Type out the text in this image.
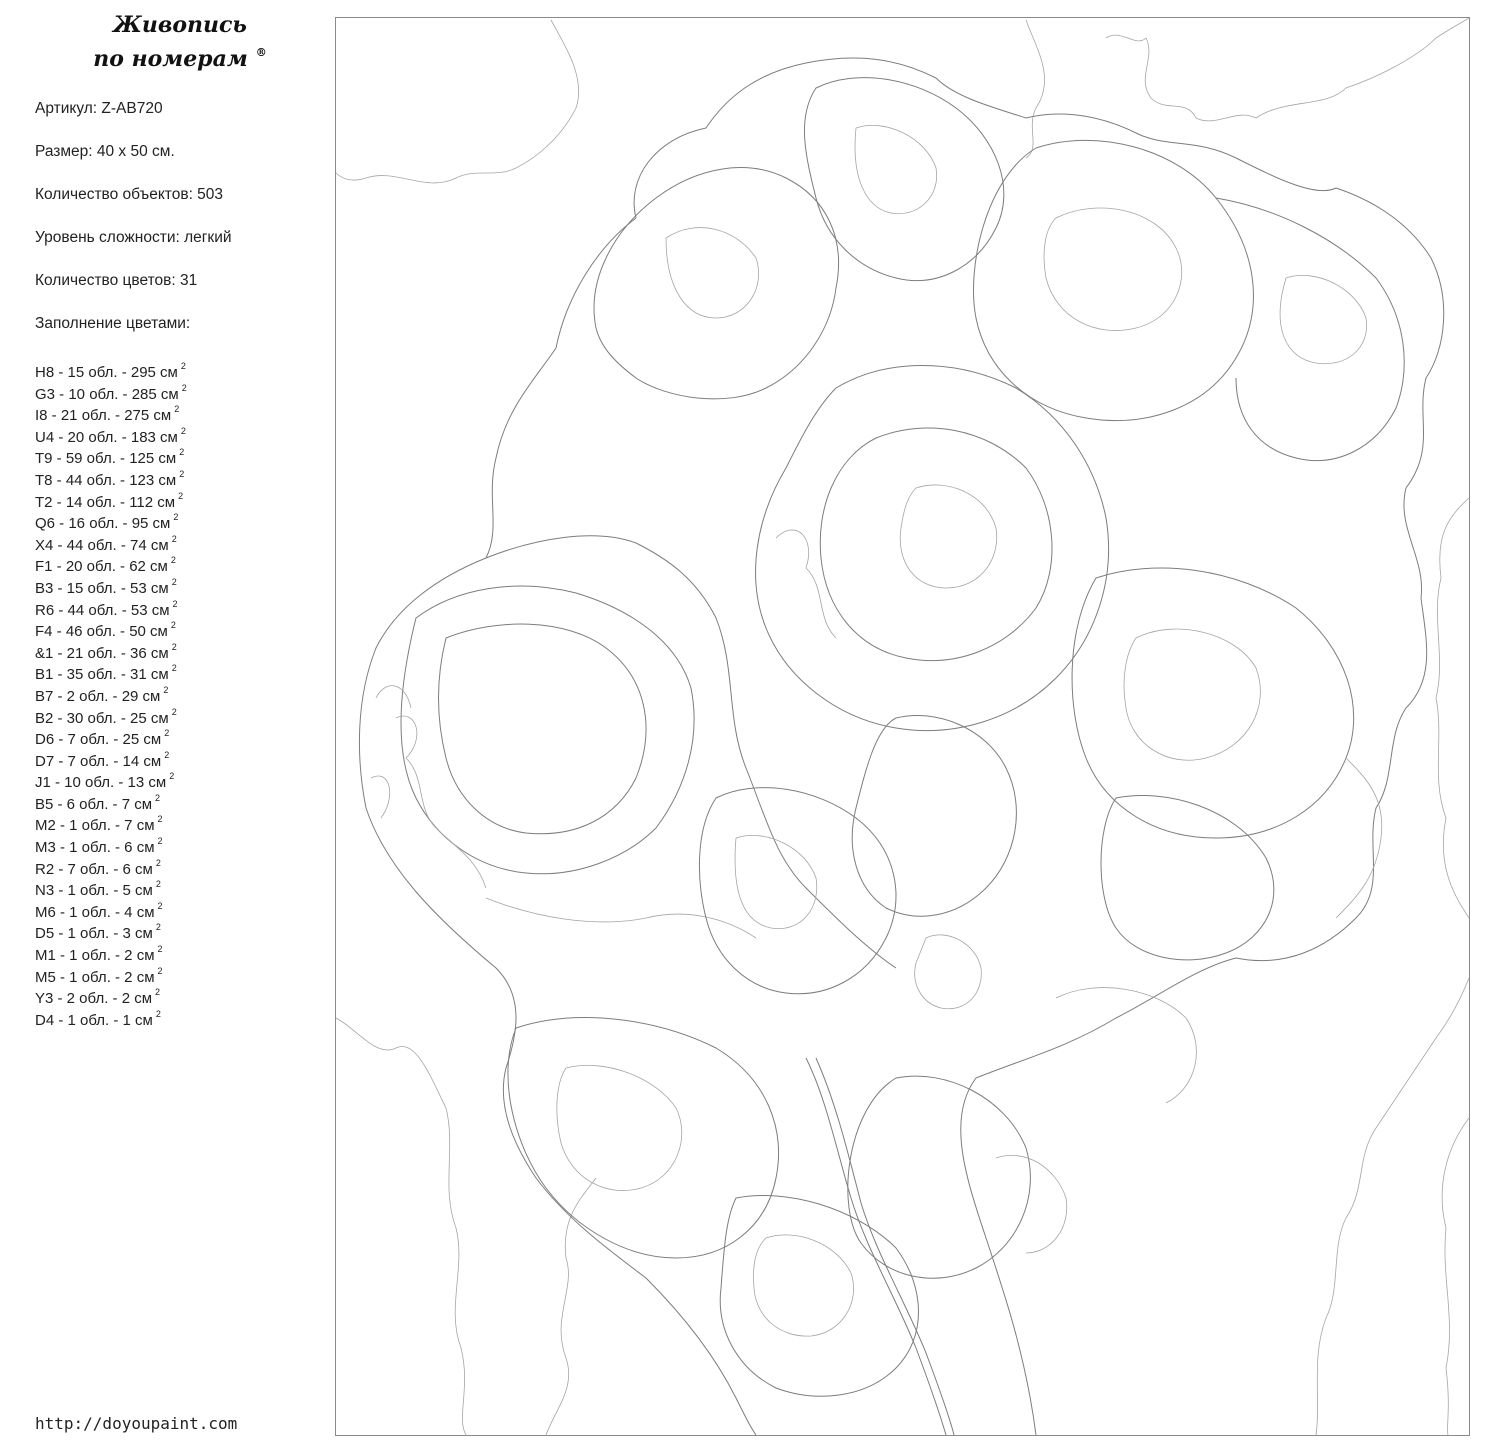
Живопись
по номерам ®
Артикул: Z-AB720
Размер: 40 x 50 см.
Количество объектов: 503
Уровень сложности: легкий
Количество цветов: 31
Заполнение цветами:
H8 - 15 обл. - 295 см $^2$
G3 - 10 обл. - 285 см $^2$
I8 - 21 обл. - 275 см $^2$
U4 - 20 обл. - 183 см $^2$
T9 - 59 обл. - 125 см $^2$
T8 - 44 обл. - 123 см $^2$
T2 - 14 обл. - 112 см $^2$
Q6 - 16 обл. - 95 см $^2$
X4 - 44 обл. - 74 см $^2$
F1 - 20 обл. - 62 см $^2$
B3 - 15 обл. - 53 см $^2$
R6 - 44 обл. - 53 см $^2$
F4 - 46 обл. - 50 см $^2$
&1 - 21 обл. - 36 см $^2$
B1 - 35 обл. - 31 см $^2$
B7 - 2 обл. - 29 см $^2$
B2 - 30 обл. - 25 см $^2$
D6 - 7 обл. - 25 см $^2$
D7 - 7 обл. - 14 см $^2$
J1 - 10 обл. - 13 см $^2$
B5 - 6 обл. - 7 см $^2$
M2 - 1 обл. - 7 см $^2$
M3 - 1 обл. - 6 см $^2$
R2 - 7 обл. - 6 см $^2$
N3 - 1 обл. - 5 см $^2$
M6 - 1 обл. - 4 см $^2$
D5 - 1 обл. - 3 см $^2$
M1 - 1 обл. - 2 см $^2$
M5 - 1 обл. - 2 см $^2$
Y3 - 2 обл. - 2 см $^2$
D4 - 1 обл. - 1 см $^2$
http://doyoupaint.com
